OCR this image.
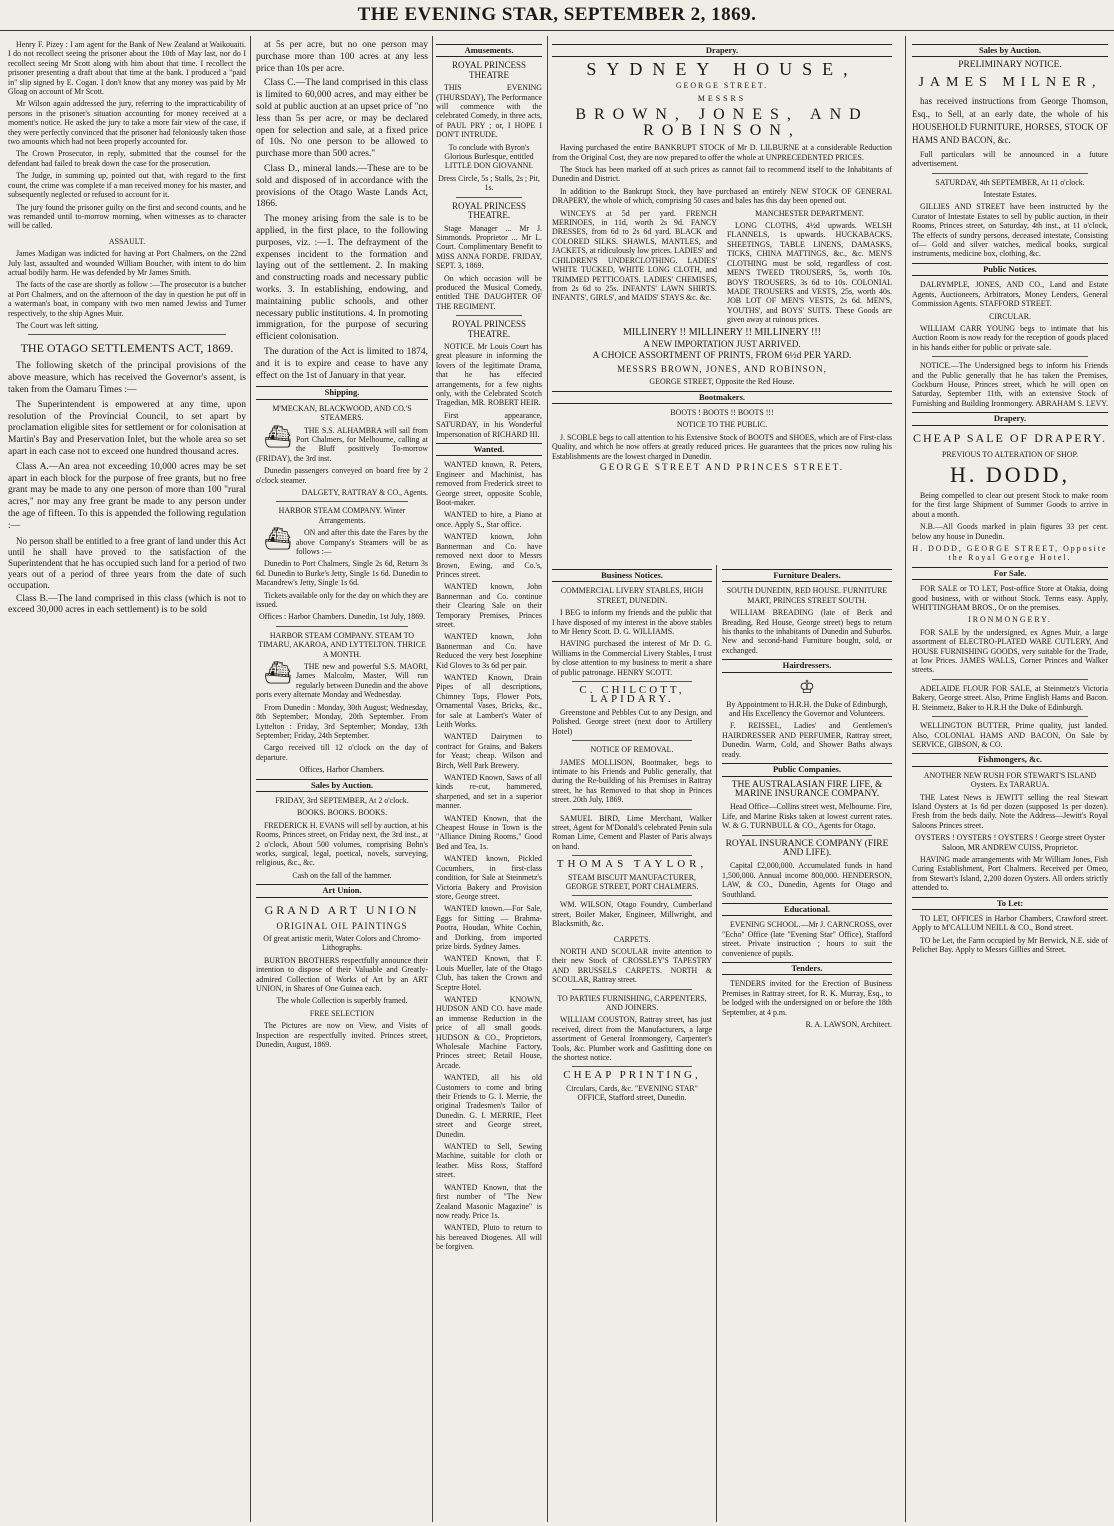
THE EVENING STAR, SEPTEMBER 2, 1869.

Henry F. Pizey : I am agent for the Bank of New Zealand at Waikouaiti. I do not recollect seeing the prisoner about the 10th of May last, nor do I recollect seeing Mr Scott along with him about that time. I recollect the prisoner presenting a draft about that time at the bank. I produced a "paid in" slip signed by E. Cogan. I don't know that any money was paid by Mr Gloag on account of Mr Scott.

Mr Wilson again addressed the jury, referring to the impracticability of persons in the prisoner's situation accounting for money received at a moment's notice. He asked the jury to take a more fair view of the case, if they were perfectly convinced that the prisoner had feloniously taken those two amounts which had not been properly accounted for.

The Crown Prosecutor, in reply, submitted that the counsel for the defendant had failed to break down the case for the prosecution.

The Judge, in summing up, pointed out that, with regard to the first count, the crime was complete if a man received money for his master, and subsequently neglected or refused to account for it.

The jury found the prisoner guilty on the first and second counts, and he was remanded until to-morrow morning, when witnesses as to character will be called.

ASSAULT.

James Madigan was indicted for having at Port Chalmers, on the 22nd July last, assaulted and wounded William Boucher, with intent to do him actual bodily harm. He was defended by Mr James Smith.

The facts of the case are shortly as follow :—The prosecutor is a butcher at Port Chalmers, and on the afternoon of the day in question he put off in a waterman's boat, in company with two men named Jewiss and Turner respectively, to the ship Agnes Muir.

The Court was left sitting.

THE OTAGO SETTLEMENTS ACT, 1869.

The following sketch of the principal provisions of the above measure, which has received the Governor's assent, is taken from the Oamaru Times :—

The Superintendent is empowered at any time, upon resolution of the Provincial Council, to set apart by proclamation eligible sites for settlement or for colonisation at Martin's Bay and Preservation Inlet, but the whole area so set apart in each case not to exceed one hundred thousand acres.

Class A.—An area not exceeding 10,000 acres may be set apart in each block for the purpose of free grants, but no free grant may be made to any one person of more than 100 "rural acres," nor may any free grant be made to any person under the age of fifteen. To this is appended the following regulation :—

No person shall be entitled to a free grant of land under this Act until he shall have proved to the satisfaction of the Superintendent that he has occupied such land for a period of two years out of a period of three years from the date of such occupation.

Class B.—The land comprised in this class (which is not to exceed 30,000 acres in each settlement) is to be sold

at 5s per acre, but no one person may purchase more than 100 acres at any less price than 10s per acre.

Class C.—The land comprised in this class is limited to 60,000 acres, and may either be sold at public auction at an upset price of "no less than 5s per acre, or may be declared open for selection and sale, at a fixed price of 10s. No one person to be allowed to purchase more than 500 acres."

Class D., mineral lands.—These are to be sold and disposed of in accordance with the provisions of the Otago Waste Lands Act, 1866.

The money arising from the sale is to be applied, in the first place, to the following purposes, viz. :—1. The defrayment of the expenses incident to the formation and laying out of the settlement. 2. In making and constructing roads and necessary public works. 3. In establishing, endowing, and maintaining public schools, and other necessary public institutions. 4. In promoting immigration, for the purpose of securing efficient colonisation.

The duration of the Act is limited to 1874, and it is to expire and cease to have any effect on the 1st of January in that year.

Shipping.

M'MECKAN, BLACKWOOD, AND CO.'S STEAMERS.

⛴ THE S.S. ALHAMBRA will sail from Port Chalmers, for Melbourne, calling at the Bluff positively To-morrow (FRIDAY), the 3rd inst.

Dunedin passengers conveyed on board free by 2 o'clock steamer.

DALGETY, RATTRAY & CO., Agents.

HARBOR STEAM COMPANY. Winter Arrangements.

⛴ ON and after this date the Fares by the above Company's Steamers will be as follows :—

Dunedin to Port Chalmers, Single 2s 6d, Return 3s 6d. Dunedin to Burke's Jetty, Single 1s 6d. Dunedin to Macandrew's Jetty, Single 1s 6d.

Tickets available only for the day on which they are issued.

Offices : Harbor Chambers. Dunedin, 1st July, 1869.

HARBOR STEAM COMPANY. STEAM TO TIMARU, AKAROA, AND LYTTELTON. THRICE A MONTH.

⛴ THE new and powerful S.S. MAORI, James Malcolm, Master, Will run regularly between Dunedin and the above ports every alternate Monday and Wednesday.

From Dunedin : Monday, 30th August; Wednesday, 8th September; Monday, 20th September. From Lyttelton : Friday, 3rd September; Monday, 13th September; Friday, 24th September.

Cargo received till 12 o'clock on the day of departure.

Offices, Harbor Chambers.

Sales by Auction.

FRIDAY, 3rd SEPTEMBER, At 2 o'clock.

BOOKS. BOOKS. BOOKS.

FREDERICK H. EVANS will sell by auction, at his Rooms, Princes street, on Friday next, the 3rd inst., at 2 o'clock, About 500 volumes, comprising Bohn's works, surgical, legal, poetical, novels, surveying, religious, &c., &c.

Cash on the fall of the hammer.

Art Union.
GRAND ART UNION

ORIGINAL OIL PAINTINGS

Of great artistic merit, Water Colors and Chromo-Lithographs.

BURTON BROTHERS respectfully announce their intention to dispose of their Valuable and Greatly-admired Collection of Works of Art by an ART UNION, in Shares of One Guinea each.

The whole Collection is superbly framed.

FREE SELECTION

The Pictures are now on View, and Visits of Inspection are respectfully invited. Princes street, Dunedin, August, 1869.

Amusements.

ROYAL PRINCESS THEATRE

THIS EVENING (THURSDAY), The Performance will commence with the celebrated Comedy, in three acts, of PAUL PRY ; or, I HOPE I DON'T INTRUDE.

To conclude with Byron's Glorious Burlesque, entitled LITTLE DON GIOVANNI.

Dress Circle, 5s ; Stalls, 2s ; Pit, 1s.

ROYAL PRINCESS THEATRE.

Stage Manager ... Mr J. Simmonds. Proprietor ... Mr L. Court. Complimentary Benefit to MISS ANNA FORDE. FRIDAY, SEPT. 3, 1869.

On which occasion will be produced the Musical Comedy, entitled THE DAUGHTER OF THE REGIMENT.

ROYAL PRINCESS THEATRE.

NOTICE. Mr Louis Court has great pleasure in informing the lovers of the legitimate Drama, that he has effected arrangements, for a few nights only, with the Celebrated Scotch Tragedian, MR. ROBERT HEIR.

First appearance, SATURDAY, in his Wonderful Impersonation of RICHARD III.

Wanted.

WANTED known, R. Peters, Engineer and Machinist, has removed from Frederick street to George street, opposite Scoble, Boot-maker.

WANTED to hire, a Piano at once. Apply S., Star office.

WANTED known, John Bannerman and Co. have removed next door to Messrs Brown, Ewing, and Co.'s, Princes street.

WANTED known, John Bannerman and Co. continue their Clearing Sale on their Temporary Premises, Princes street.

WANTED known, John Bannerman and Co. have Reduced the very best Josephine Kid Gloves to 3s 6d per pair.

WANTED Known, Drain Pipes of all descriptions, Chimney Tops, Flower Pots, Ornamental Vases, Bricks, &c., for sale at Lambert's Water of Leith Works.

WANTED Dairymen to contract for Grains, and Bakers for Yeast; cheap. Wilson and Birch, Well Park Brewery.

WANTED Known, Saws of all kinds re-cut, hammered, sharpened, and set in a superior manner.

WANTED Known, that the Cheapest House in Town is the "Alliance Dining Rooms," Good Bed and Tea, 1s.

WANTED known, Pickled Cucumbers, in first-class condition, for Sale at Steinmetz's Victoria Bakery and Provision store, George street.

WANTED known.—For Sale, Eggs for Sitting — Brahma-Pootra, Houdan, White Cochin, and Dorking, from imported prize birds. Sydney James.

WANTED Known, that F. Louis Mueller, late of the Otago Club, has taken the Crown and Sceptre Hotel.

WANTED KNOWN, HUDSON AND CO. have made an immense Reduction in the price of all small goods. HUDSON & CO., Proprietors, Wholesale Machine Factory, Princes street; Retail House, Arcade.

WANTED, all his old Customers to come and bring their Friends to G. I. Merrie, the original Tradesmen's Tailor of Dunedin. G. I. MERRIE, Fleet street and George street, Dunedin.

WANTED to Sell, Sewing Machine, suitable for cloth or leather. Miss Ross, Stafford street.

WANTED Known, that the first number of "The New Zealand Masonic Magazine" is now ready. Price 1s.

WANTED, Pluto to return to his bereaved Diogenes. All will be forgiven.

Drapery.
SYDNEY HOUSE,

GEORGE STREET.

MESSRS

BROWN, JONES, AND ROBINSON,

Having purchased the entire BANKRUPT STOCK of Mr D. LILBURNE at a considerable Reduction from the Original Cost, they are now prepared to offer the whole at UNPRECEDENTED PRICES.

The Stock has been marked off at such prices as cannot fail to recommend itself to the Inhabitants of Dunedin and District.

In addition to the Bankrupt Stock, they have purchased an entirely NEW STOCK OF GENERAL DRAPERY, the whole of which, comprising 50 cases and bales has this day been opened out.

WINCEYS at 5d per yard. FRENCH MERINOES, in 11d, worth 2s 9d. FANCY DRESSES, from 6d to 2s 6d yard. BLACK and COLORED SILKS. SHAWLS, MANTLES, and JACKETS, at ridiculously low prices. LADIES' and CHILDREN'S UNDERCLOTHING. LADIES' WHITE TUCKED, WHITE LONG CLOTH, and TRIMMED PETTICOATS. LADIES' CHEMISES, from 2s 6d to 25s. INFANTS' LAWN SHIRTS. INFANTS', GIRLS', and MAIDS' STAYS &c. &c.

MANCHESTER DEPARTMENT.

LONG CLOTHS, 4½d upwards. WELSH FLANNELS, 1s upwards. HUCKABACKS, SHEETINGS, TABLE LINENS, DAMASKS, TICKS, CHINA MATTINGS, &c., &c. MEN'S CLOTHING must be sold, regardless of cost. MEN'S TWEED TROUSERS, 5s, worth 10s. BOYS' TROUSERS, 3s 6d to 10s. COLONIAL MADE TROUSERS and VESTS, 25s, worth 40s. JOB LOT OF MEN'S VESTS, 2s 6d. MEN'S, YOUTHS', and BOYS' SUITS. These Goods are given away at ruinous prices.

MILLINERY !! MILLINERY !! MILLINERY !!!

A NEW IMPORTATION JUST ARRIVED.

A CHOICE ASSORTMENT OF PRINTS, FROM 6½d PER YARD.

MESSRS BROWN, JONES, AND ROBINSON,

GEORGE STREET, Opposite the Red House.

Bootmakers.

BOOTS ! BOOTS !! BOOTS !!!

NOTICE TO THE PUBLIC.

J. SCOBLE begs to call attention to his Extensive Stock of BOOTS and SHOES, which are of First-class Quality, and which he now offers at greatly reduced prices. He guarantees that the prices now ruling his Establishments are the lowest charged in Dunedin.

GEORGE STREET AND PRINCES STREET.

Business Notices.

COMMERCIAL LIVERY STABLES, HIGH STREET, DUNEDIN.

I BEG to inform my friends and the public that I have disposed of my interest in the above stables to Mr Henry Scott. D. G. WILLIAMS.

HAVING purchased the interest of Mr D. G. Williams in the Commercial Livery Stables, I trust by close attention to my business to merit a share of public patronage. HENRY SCOTT.

C. CHILCOTT, LAPIDARY.

Greenstone and Pebbles Cut to any Design, and Polished. George street (next door to Artillery Hotel)

NOTICE OF REMOVAL.

JAMES MOLLISON, Bootmaker, begs to intimate to his Friends and Public generally, that during the Re-building of his Premises in Rattray street, he has Removed to that shop in Princes street. 20th July, 1869.

SAMUEL BIRD, Lime Merchant, Walker street, Agent for M'Donald's celebrated Penin sula Roman Lime, Cement and Plaster of Paris always on hand.

THOMAS TAYLOR,

STEAM BISCUIT MANUFACTURER, GEORGE STREET, PORT CHALMERS.

WM. WILSON, Otago Foundry, Cumberland street, Boiler Maker, Engineer, Millwright, and Blacksmith, &c.

CARPETS.

NORTH AND SCOULAR invite attention to their new Stock of CROSSLEY'S TAPESTRY AND BRUSSELS CARPETS. NORTH & SCOULAR, Rattray street.

TO PARTIES FURNISHING, CARPENTERS, AND JOINERS.

WILLIAM COUSTON, Rattray street, has just received, direct from the Manufacturers, a large assortment of General Ironmongery, Carpenter's Tools, &c. Plumber work and Gasfitting done on the shortest notice.

CHEAP PRINTING,

Circulars, Cards, &c. "EVENING STAR" OFFICE, Stafford street, Dunedin.

Furniture Dealers.

SOUTH DUNEDIN, RED HOUSE. FURNITURE MART, PRINCES STREET SOUTH.

WILLIAM BREADING (late of Beck and Breading, Red House, George street) begs to return his thanks to the inhabitants of Dunedin and Suburbs. New and second-hand Furniture bought, sold, or exchanged.

Hairdressers.

♔

By Appointment to H.R.H. the Duke of Edinburgh, and His Excellency the Governor and Volunteers.

F. REISSEL, Ladies' and Gentlemen's HAIRDRESSER AND PERFUMER, Rattray street, Dunedin. Warm, Cold, and Shower Baths always ready.

Public Companies.

THE AUSTRALASIAN FIRE LIFE, & MARINE INSURANCE COMPANY.

Head Office—Collins street west, Melbourne. Fire, Life, and Marine Risks taken at lowest current rates. W. & G. TURNBULL & CO., Agents for Otago.

ROYAL INSURANCE COMPANY (FIRE AND LIFE).

Capital £2,000,000. Accumulated funds in hand 1,500,000. Annual income 800,000. HENDERSON, LAW, & CO., Dunedin, Agents for Otago and Southland.

Educational.

EVENING SCHOOL.—Mr J. CARNCROSS, over "Echo" Office (late "Evening Star" Office), Stafford street. Private instruction ; hours to suit the convenience of pupils.

Tenders.

TENDERS invited for the Erection of Business Premises in Rattray street, for R. K. Murray, Esq., to be lodged with the undersigned on or before the 18th September, at 4 p.m.

R. A. LAWSON, Architect.

Sales by Auction.

PRELIMINARY NOTICE.

JAMES MILNER,

has received instructions from George Thomson, Esq., to Sell, at an early date, the whole of his HOUSEHOLD FURNITURE, HORSES, STOCK OF HAMS AND BACON, &c.

Full particulars will be announced in a future advertisement.

SATURDAY, 4th SEPTEMBER, At 11 o'clock.

Intestate Estates.

GILLIES AND STREET have been instructed by the Curator of Intestate Estates to sell by public auction, in their Rooms, Princes street, on Saturday, 4th inst., at 11 o'clock, The effects of sundry persons, deceased intestate, Consisting of— Gold and silver watches, medical books, surgical instruments, medicine box, clothing, &c.

Public Notices.

DALRYMPLE, JONES, AND CO., Land and Estate Agents, Auctioneers, Arbitrators, Money Lenders, General Commission Agents. STAFFORD STREET.

CIRCULAR.

WILLIAM CARR YOUNG begs to intimate that his Auction Room is now ready for the reception of goods placed in his hands either for public or private sale.

NOTICE.—The Undersigned begs to inform his Friends and the Public generally that he has taken the Premises, Cockburn House, Princes street, which he will open on Saturday, September 11th, with an extensive Stock of Furnishing and Building Ironmongery. ABRAHAM S. LEVY.

Drapery.
CHEAP SALE OF DRAPERY.

PREVIOUS TO ALTERATION OF SHOP.

H. DODD,

Being compelled to clear out present Stock to make room for the first large Shipment of Summer Goods to arrive in about a month.

N.B.—All Goods marked in plain figures 33 per cent. below any house in Dunedin.

H. DODD, GEORGE STREET, Opposite the Royal George Hotel.

For Sale.

FOR SALE or TO LET, Post-office Store at Otakia, doing good business, with or without Stock. Terms easy. Apply, WHITTINGHAM BROS., Or on the premises.

IRONMONGERY.

FOR SALE by the undersigned, ex Agnes Muir, a large assortment of ELECTRO-PLATED WARE CUTLERY, And HOUSE FURNISHING GOODS, very suitable for the Trade, at low Prices. JAMES WALLS, Corner Princes and Walker streets.

ADELAIDE FLOUR FOR SALE, at Steinmetz's Victoria Bakery, George street. Also, Prime English Hams and Bacon. H. Steinmetz, Baker to H.R.H the Duke of Edinburgh.

WELLINGTON BUTTER, Prime quality, just landed. Also, COLONIAL HAMS AND BACON, On Sale by SERVICE, GIBSON, & CO.

Fishmongers, &c.

ANOTHER NEW RUSH FOR STEWART'S ISLAND Oysters. Ex TARARUA.

THE Latest News is JEWITT selling the real Stewart Island Oysters at 1s 6d per dozen (supposed 1s per dozen). Fresh from the beds daily. Note the Address—Jewitt's Royal Saloons Princes street.

OYSTERS ! OYSTERS ! OYSTERS ! George street Oyster Saloon, MR ANDREW CUISS, Proprietor.

HAVING made arrangements with Mr William Jones, Fish Curing Establishment, Port Chalmers. Received per Omeo, from Stewart's Island, 2,200 dozen Oysters. All orders strictly attended to.

To Let:

TO LET, OFFICES in Harbor Chambers, Crawford street. Apply to M'CALLUM NEILL & CO., Bond street.

TO be Let, the Farm occupied by Mr Berwick, N.E. side of Pelichet Bay. Apply to Messrs Gillies and Street.
